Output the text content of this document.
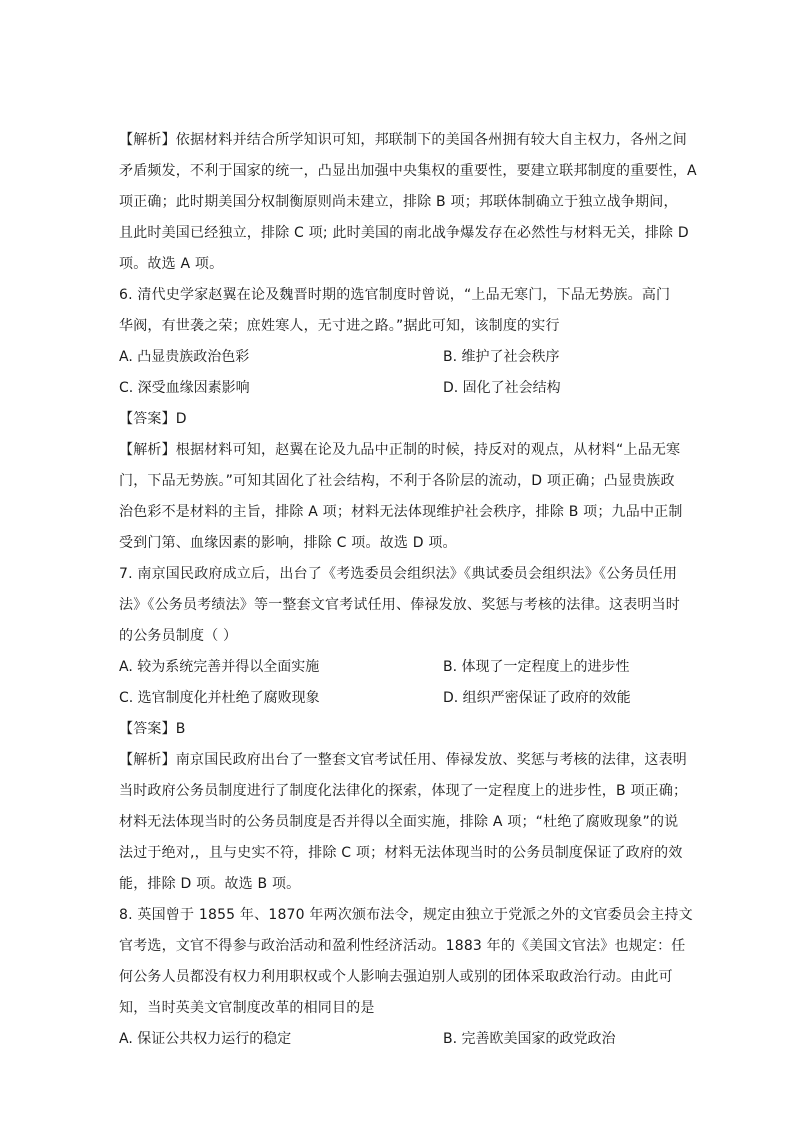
【解析】依据材料并结合所学知识可知，邦联制下的美国各州拥有较大自主权力，各州之间
矛盾频发，不利于国家的统一，凸显出加强中央集权的重要性，要建立联邦制度的重要性，A
项正确；此时期美国分权制衡原则尚未建立，排除 B 项；邦联体制确立于独立战争期间，
且此时美国已经独立，排除 C 项; 此时美国的南北战争爆发存在必然性与材料无关，排除 D
项。故选 A 项。
6. 清代史学家赵翼在论及魏晋时期的选官制度时曾说，“上品无寒门，下品无势族。高门
华阀，有世袭之荣；庶姓寒人，无寸进之路。”据此可知，该制度的实行
A. 凸显贵族政治色彩	B. 维护了社会秩序
C. 深受血缘因素影响	D. 固化了社会结构
【答案】D
【解析】根据材料可知，赵翼在论及九品中正制的时候，持反对的观点，从材料“上品无寒
门，下品无势族。”可知其固化了社会结构，不利于各阶层的流动，D 项正确；凸显贵族政
治色彩不是材料的主旨，排除 A 项；材料无法体现维护社会秩序，排除 B 项；九品中正制
受到门第、血缘因素的影响，排除 C 项。故选 D 项。
7. 南京国民政府成立后，出台了《考选委员会组织法》《典试委员会组织法》《公务员任用
法》《公务员考绩法》等一整套文官考试任用、俸禄发放、奖惩与考核的法律。这表明当时
的公务员制度（ ）
A. 较为系统完善并得以全面实施	B. 体现了一定程度上的进步性
C. 选官制度化并杜绝了腐败现象	D. 组织严密保证了政府的效能
【答案】B
【解析】南京国民政府出台了一整套文官考试任用、俸禄发放、奖惩与考核的法律，这表明
当时政府公务员制度进行了制度化法律化的探索，体现了一定程度上的进步性，B 项正确；
材料无法体现当时的公务员制度是否并得以全面实施，排除 A 项；“杜绝了腐败现象”的说
法过于绝对,，且与史实不符，排除 C 项；材料无法体现当时的公务员制度保证了政府的效
能，排除 D 项。故选 B 项。
8. 英国曾于 1855 年、1870 年两次颁布法令，规定由独立于党派之外的文官委员会主持文
官考选，文官不得参与政治活动和盈利性经济活动。1883 年的《美国文官法》也规定：任
何公务人员都没有权力利用职权或个人影响去强迫别人或别的团体采取政治行动。由此可
知，当时英美文官制度改革的相同目的是
A. 保证公共权力运行的稳定	B. 完善欧美国家的政党政治
